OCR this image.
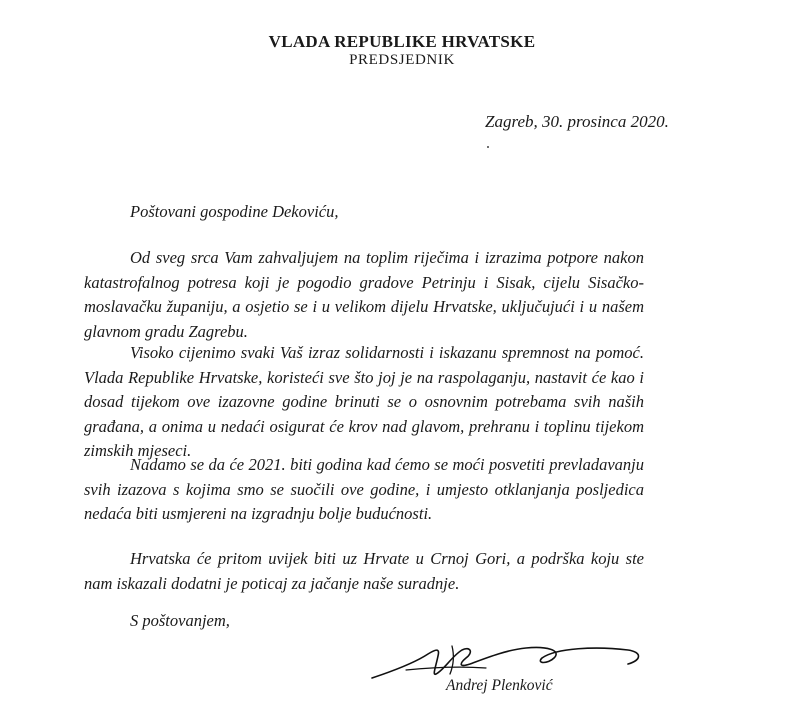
VLADA REPUBLIKE HRVATSKE
PREDSJEDNIK
Zagreb, 30. prosinca 2020.
Poštovani gospodine Dekoviću,

Od sveg srca Vam zahvaljujem na toplim riječima i izrazima potpore nakon katastrofalnog potresa koji je pogodio gradove Petrinju i Sisak, cijelu Sisačko-moslavačku županiju, a osjetio se i u velikom dijelu Hrvatske, uključujući i u našem glavnom gradu Zagrebu.

Visoko cijenimo svaki Vaš izraz solidarnosti i iskazanu spremnost na pomoć. Vlada Republike Hrvatske, koristeći sve što joj je na raspolaganju, nastavit će kao i dosad tijekom ove izazovne godine brinuti se o osnovnim potrebama svih naših građana, a onima u nedaći osigurat će krov nad glavom, prehranu i toplinu tijekom zimskih mjeseci.

Nadamo se da će 2021. biti godina kad ćemo se moći posvetiti prevladavanju svih izazova s kojima smo se suočili ove godine, i umjesto otklanjanja posljedica nedaća biti usmjereni na izgradnju bolje budućnosti.

Hrvatska će pritom uvijek biti uz Hrvate u Crnoj Gori, a podrška koju ste nam iskazali dodatni je poticaj za jačanje naše suradnje.

S poštovanjem,
Andrej Plenković
